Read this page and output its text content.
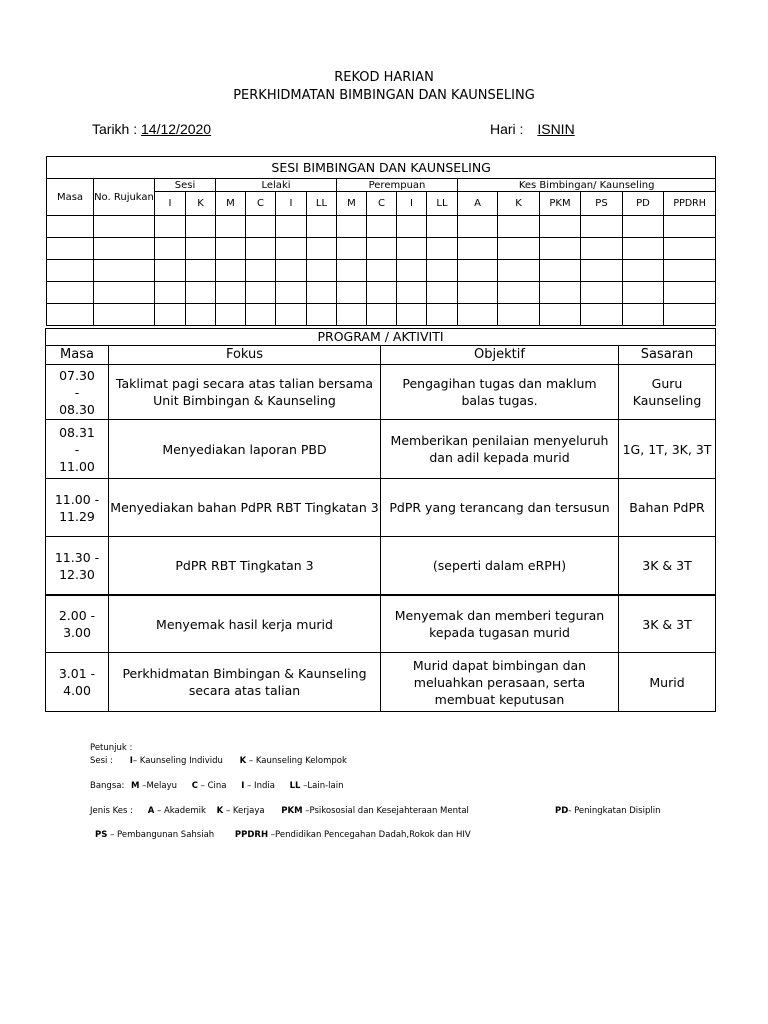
REKOD HARIAN
PERKHIDMATAN BIMBINGAN DAN KAUNSELING
Tarikh : 14/12/2020	Hari : ISNIN
SESI BIMBINGAN DAN KAUNSELING																	
Masa	No. Rujukan	Sesi		Lelaki				Perempuan				Kes Bimbingan/ Kaunseling					
		I	K	M	C	I	LL	M	C	I	LL	A	K	PKM	PS	PD	PPDRH

PROGRAM / AKTIVITI			
Masa	Fokus	Objektif	Sasaran

07.30
-
08.30	Taklimat pagi secara atas talian bersama Unit Bimbingan & Kaunseling	Pengagihan tugas dan maklum balas tugas.	Guru Kaunseling

08.31
-
11.00	Menyediakan laporan PBD	Memberikan penilaian menyeluruh dan adil kepada murid	1G, 1T, 3K, 3T
11.00 - 11.29	Menyediakan bahan PdPR RBT Tingkatan 3	PdPR yang terancang dan tersusun	Bahan PdPR
11.30 - 12.30	PdPR RBT Tingkatan 3	(seperti dalam eRPH)	3K & 3T
2.00 - 3.00	Menyemak hasil kerja murid	Menyemak dan memberi teguran kepada tugasan murid	3K & 3T
3.01 - 4.00	Perkhidmatan Bimbingan & Kaunseling secara atas talian	Murid dapat bimbingan dan meluahkan perasaan, serta membuat keputusan	Murid
Petunjuk :
Sesi : I– Kaunseling Individu K – Kaunseling Kelompok
Bangsa: M –Melayu C – Cina I – India LL –Lain-lain
Jenis Kes : A – Akademik K – Kerjaya PKM –Psikososial dan Kesejahteraan Mental	PD- Peningkatan Disiplin
PS – Pembangunan Sahsiah PPDRH –Pendidikan Pencegahan Dadah,Rokok dan HIV
